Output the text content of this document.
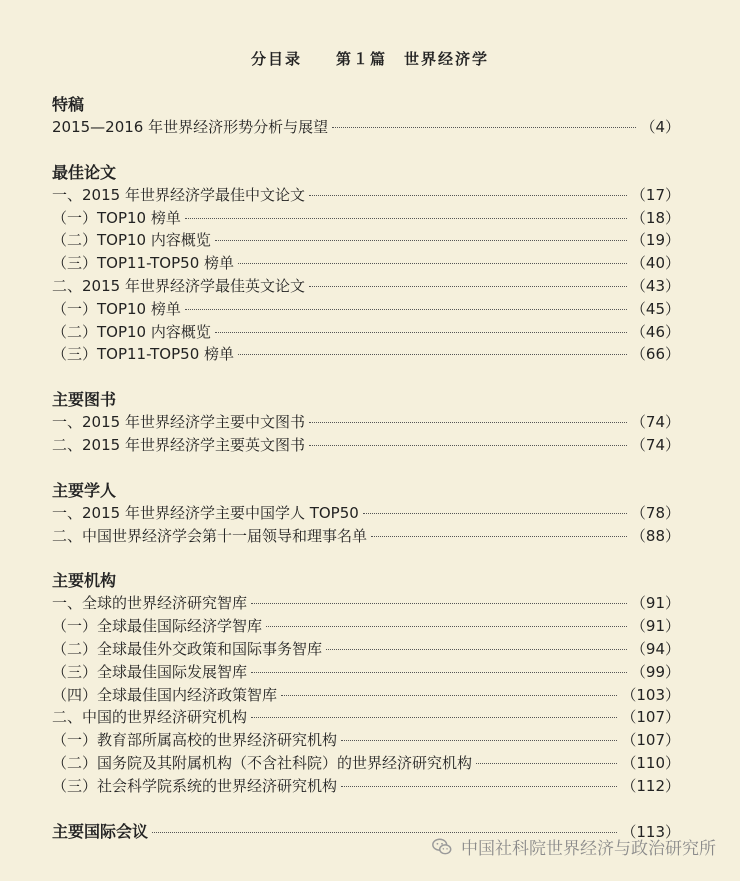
分目录　　第１篇　世界经济学
特稿
2015—2016 年世界经济形势分析与展望	（4）
最佳论文
一、2015 年世界经济学最佳中文论文	（17）
（一）TOP10 榜单	（18）
（二）TOP10 内容概览	（19）
（三）TOP11-TOP50 榜单	（40）
二、2015 年世界经济学最佳英文论文	（43）
（一）TOP10 榜单	（45）
（二）TOP10 内容概览	（46）
（三）TOP11-TOP50 榜单	（66）
主要图书
一、2015 年世界经济学主要中文图书	（74）
二、2015 年世界经济学主要英文图书	（74）
主要学人
一、2015 年世界经济学主要中国学人 TOP50	（78）
二、中国世界经济学会第十一届领导和理事名单	（88）
主要机构
一、全球的世界经济研究智库	（91）
（一）全球最佳国际经济学智库	（91）
（二）全球最佳外交政策和国际事务智库	（94）
（三）全球最佳国际发展智库	（99）
（四）全球最佳国内经济政策智库	（103）
二、中国的世界经济研究机构	（107）
（一）教育部所属高校的世界经济研究机构	（107）
（二）国务院及其附属机构（不含社科院）的世界经济研究机构	（110）
（三）社会科学院系统的世界经济研究机构	（112）
主要国际会议	（113）
中国社科院世界经济与政治研究所
